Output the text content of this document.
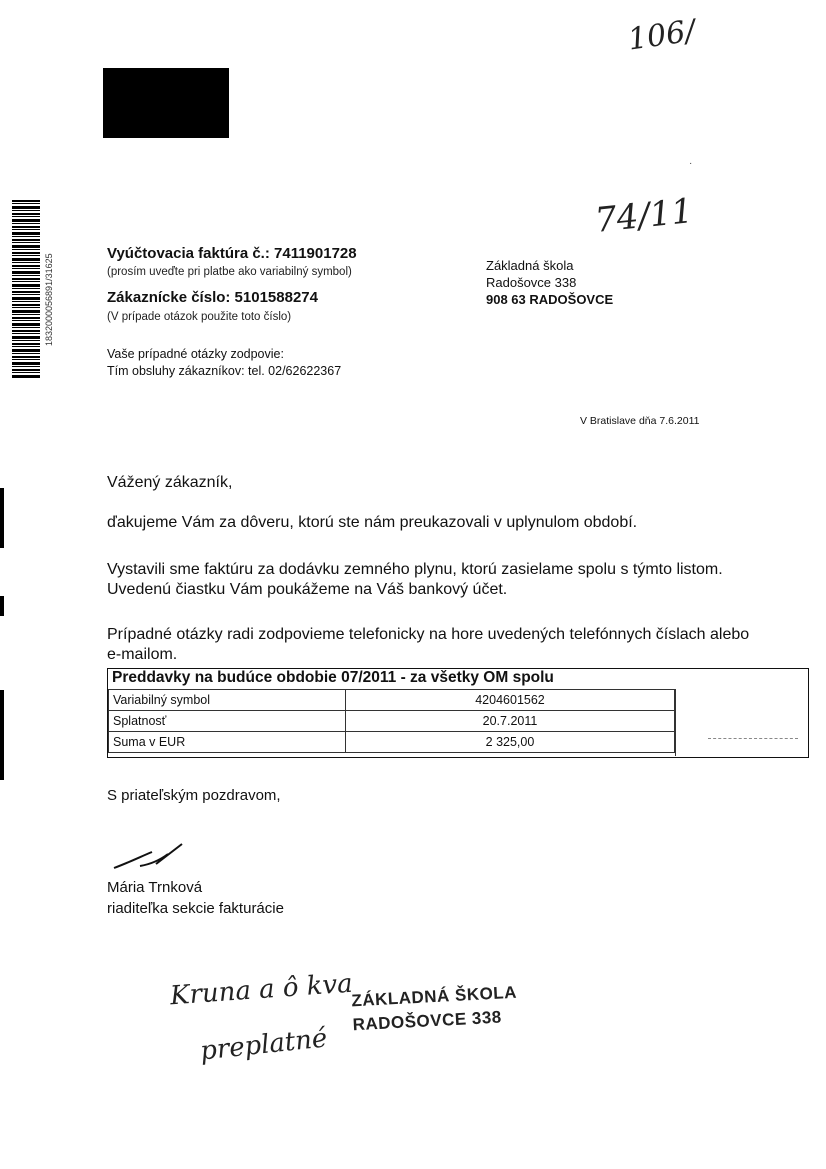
106/
·
74/11
1832000056891/31625	Vyúčtovacia faktúra č.: 7411901728
(prosím uveďte pri platbe ako variabilný symbol)
Zákaznícke číslo: 5101588274
(V prípade otázok použite toto číslo)
Vaše prípadné otázky zodpovie:
Tím obsluhy zákazníkov: tel. 02/62622367
Základná škola
Radošovce 338
908 63 RADOŠOVCE
V Bratislave dňa 7.6.2011
Vážený zákazník,
ďakujeme Vám za dôveru, ktorú ste nám preukazovali v uplynulom období.
Vystavili sme faktúru za dodávku zemného plynu, ktorú zasielame spolu s týmto listom.
Uvedenú čiastku Vám poukážeme na Váš bankový účet.
Prípadné otázky radi zodpovieme telefonicky na hore uvedených telefónnych číslach alebo
e-mailom.
Preddavky na budúce obdobie 07/2011 - za všetky OM spolu
Variabilný symbol	4204601562
Splatnosť	20.7.2011
Suma v EUR	2 325,00
S priateľským pozdravom,
Mária Trnková
riaditeľka sekcie fakturácie
Kruna a ô kva
preplatné
ZÁKLADNÁ ŠKOLA
RADOŠOVCE 338
